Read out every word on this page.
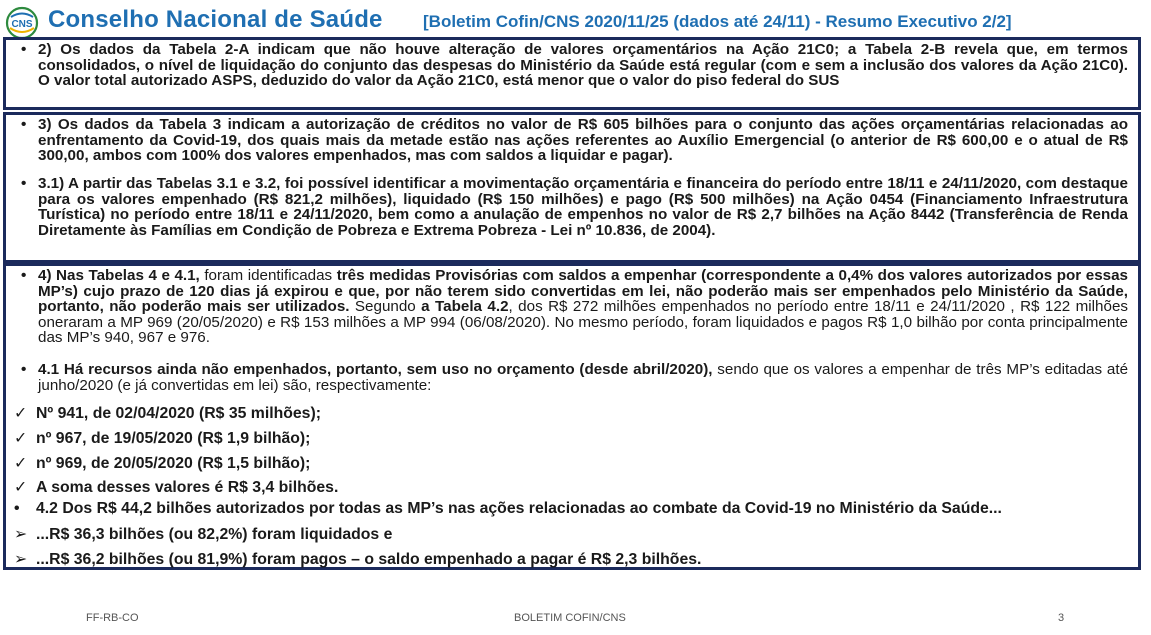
CNS Conselho Nacional de Saúde [Boletim Cofin/CNS 2020/11/25 (dados até 24/11) - Resumo Executivo 2/2]
• 2) Os dados da Tabela 2-A indicam que não houve alteração de valores orçamentários na Ação 21C0; a Tabela 2-B revela que, em termos consolidados, o nível de liquidação do conjunto das despesas do Ministério da Saúde está regular (com e sem a inclusão dos valores da Ação 21C0). O valor total autorizado ASPS, deduzido do valor da Ação 21C0, está menor que o valor do piso federal do SUS
• 3) Os dados da Tabela 3 indicam a autorização de créditos no valor de R$ 605 bilhões para o conjunto das ações orçamentárias relacionadas ao enfrentamento da Covid-19, dos quais mais da metade estão nas ações referentes ao Auxílio Emergencial (o anterior de R$ 600,00 e o atual de R$ 300,00, ambos com 100% dos valores empenhados, mas com saldos a liquidar e pagar).
• 3.1) A partir das Tabelas 3.1 e 3.2, foi possível identificar a movimentação orçamentária e financeira do período entre 18/11 e 24/11/2020, com destaque para os valores empenhado (R$ 821,2 milhões), liquidado (R$ 150 milhões) e pago (R$ 500 milhões) na Ação 0454 (Financiamento Infraestrutura Turística) no período entre 18/11 e 24/11/2020, bem como a anulação de empenhos no valor de R$ 2,7 bilhões na Ação 8442 (Transferência de Renda Diretamente às Famílias em Condição de Pobreza e Extrema Pobreza - Lei nº 10.836, de 2004).
• 4) Nas Tabelas 4 e 4.1, foram identificadas três medidas Provisórias com saldos a empenhar (correspondente a 0,4% dos valores autorizados por essas MP’s) cujo prazo de 120 dias já expirou e que, por não terem sido convertidas em lei, não poderão mais ser empenhados pelo Ministério da Saúde, portanto, não poderão mais ser utilizados. Segundo a Tabela 4.2, dos R$ 272 milhões empenhados no período entre 18/11 e 24/11/2020 , R$ 122 milhões oneraram a MP 969 (20/05/2020) e R$ 153 milhões a MP 994 (06/08/2020). No mesmo período, foram liquidados e pagos R$ 1,0 bilhão por conta principalmente das MP’s 940, 967 e 976.
• 4.1 Há recursos ainda não empenhados, portanto, sem uso no orçamento (desde abril/2020), sendo que os valores a empenhar de três MP’s editadas até junho/2020 (e já convertidas em lei) são, respectivamente:
✓ Nº 941, de 02/04/2020 (R$ 35 milhões);
✓ nº 967, de 19/05/2020 (R$ 1,9 bilhão);
✓ nº 969, de 20/05/2020 (R$ 1,5 bilhão);
✓ A soma desses valores é R$ 3,4 bilhões.
• 4.2 Dos R$ 44,2 bilhões autorizados por todas as MP’s nas ações relacionadas ao combate da Covid-19 no Ministério da Saúde...
➢ ...R$ 36,3 bilhões (ou 82,2%) foram liquidados e
➢ ...R$ 36,2 bilhões (ou 81,9%) foram pagos – o saldo empenhado a pagar é R$ 2,3 bilhões.
FF-RB-CO	BOLETIM COFIN/CNS	3
